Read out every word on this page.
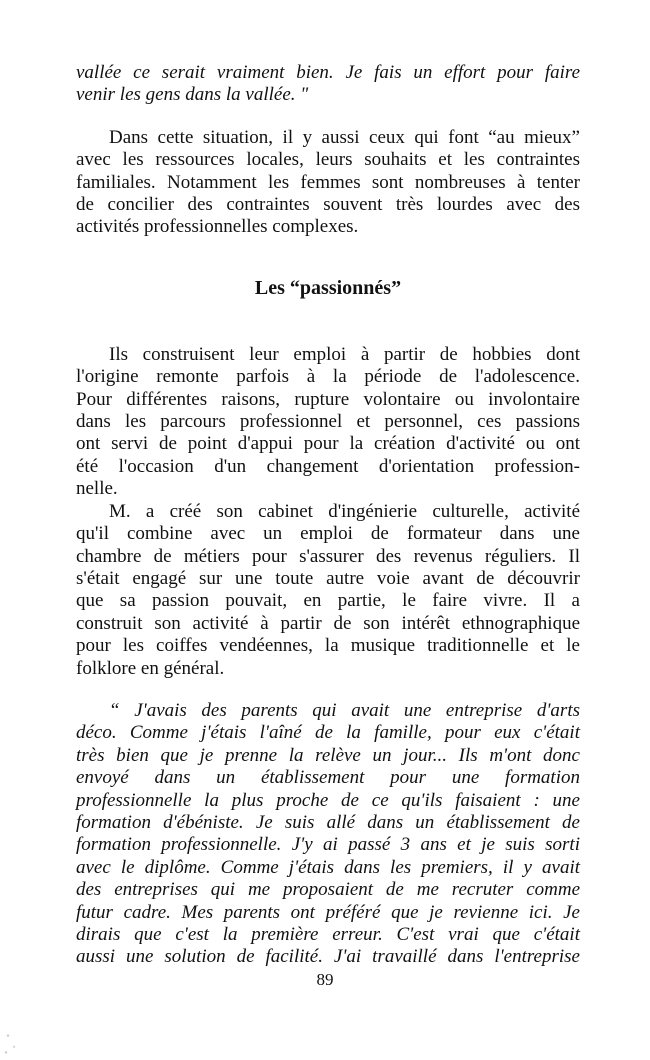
vallée ce serait vraiment bien. Je fais un effort pour faire
venir les gens dans la vallée. "
Dans cette situation, il y aussi ceux qui font “au mieux”
avec les ressources locales, leurs souhaits et les contraintes
familiales. Notamment les femmes sont nombreuses à tenter
de concilier des contraintes souvent très lourdes avec des
activités professionnelles complexes.
Les “passionnés”
Ils construisent leur emploi à partir de hobbies dont
l'origine remonte parfois à la période de l'adolescence.
Pour différentes raisons, rupture volontaire ou involontaire
dans les parcours professionnel et personnel, ces passions
ont servi de point d'appui pour la création d'activité ou ont
été l'occasion d'un changement d'orientation profession-
nelle.
M. a créé son cabinet d'ingénierie culturelle, activité
qu'il combine avec un emploi de formateur dans une
chambre de métiers pour s'assurer des revenus réguliers. Il
s'était engagé sur une toute autre voie avant de découvrir
que sa passion pouvait, en partie, le faire vivre. Il a
construit son activité à partir de son intérêt ethnographique
pour les coiffes vendéennes, la musique traditionnelle et le
folklore en général.
“ J'avais des parents qui avait une entreprise d'arts
déco. Comme j'étais l'aîné de la famille, pour eux c'était
très bien que je prenne la relève un jour... Ils m'ont donc
envoyé dans un établissement pour une formation
professionnelle la plus proche de ce qu'ils faisaient : une
formation d'ébéniste. Je suis allé dans un établissement de
formation professionnelle. J'y ai passé 3 ans et je suis sorti
avec le diplôme. Comme j'étais dans les premiers, il y avait
des entreprises qui me proposaient de me recruter comme
futur cadre. Mes parents ont préféré que je revienne ici. Je
dirais que c'est la première erreur. C'est vrai que c'était
aussi une solution de facilité. J'ai travaillé dans l'entreprise
89
